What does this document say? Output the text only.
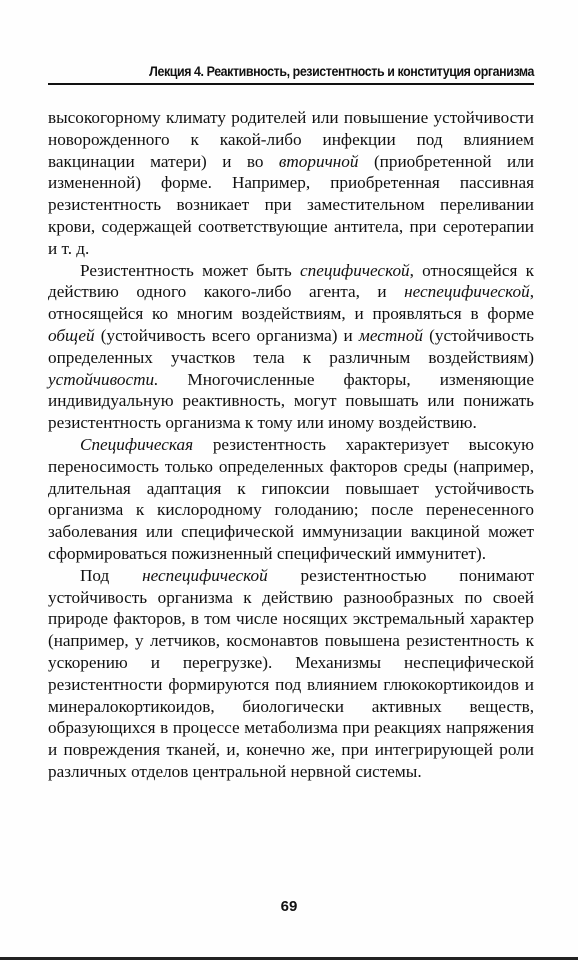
Лекция 4. Реактивность, резистентность и конституция организма

высокогорному климату родителей или повышение устойчивости новорожденного к какой-либо инфекции под влиянием вакцинации матери) и во вторичной (приобретенной или измененной) форме. Например, приобретенная пассивная резистентность возникает при заместительном переливании крови, содержащей соответствующие антитела, при серотерапии и т. д.

Резистентность может быть специфической, относящейся к действию одного какого-либо агента, и неспецифической, относящейся ко многим воздействиям, и проявляться в форме общей (устойчивость всего организма) и местной (устойчивость определенных участков тела к различным воздействиям) устойчивости. Многочисленные факторы, изменяющие индивидуальную реактивность, могут повышать или понижать резистентность организма к тому или иному воздействию.

Специфическая резистентность характеризует высокую переносимость только определенных факторов среды (например, длительная адаптация к гипоксии повышает устойчивость организма к кислородному голоданию; после перенесенного заболевания или специфической иммунизации вакциной может сформироваться пожизненный специфический иммунитет).

Под неспецифической резистентностью понимают устойчивость организма к действию разнообразных по своей природе факторов, в том числе носящих экстремальный характер (например, у летчиков, космонавтов повышена резистентность к ускорению и перегрузке). Механизмы неспецифической резистентности формируются под влиянием глюкокортикоидов и минералокортикоидов, биологически активных веществ, образующихся в процессе метаболизма при реакциях напряжения и повреждения тканей, и, конечно же, при интегрирующей роли различных отделов центральной нервной системы.

69
